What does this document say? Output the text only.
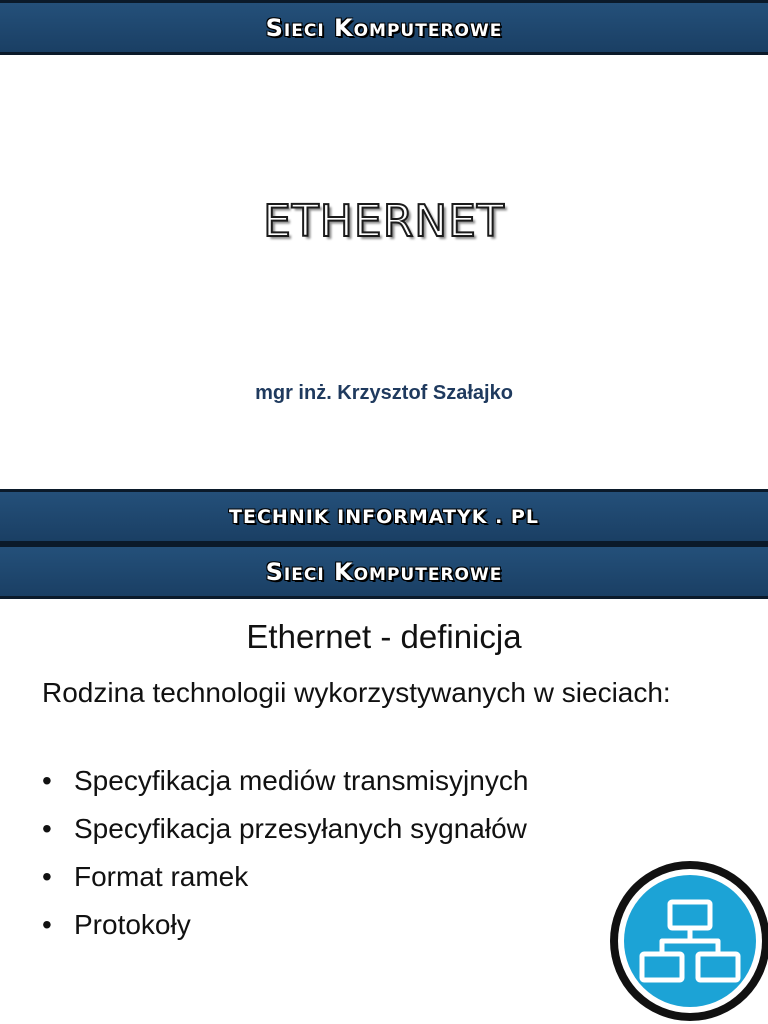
Sieci Komputerowe
ETHERNET
mgr inż. Krzysztof Szałajko
TECHNIK INFORMATYK . PL
Sieci Komputerowe
Ethernet - definicja
Rodzina technologii wykorzystywanych w sieciach:
• Specyfikacja mediów transmisyjnych
• Specyfikacja przesyłanych sygnałów
• Format ramek
• Protokoły
